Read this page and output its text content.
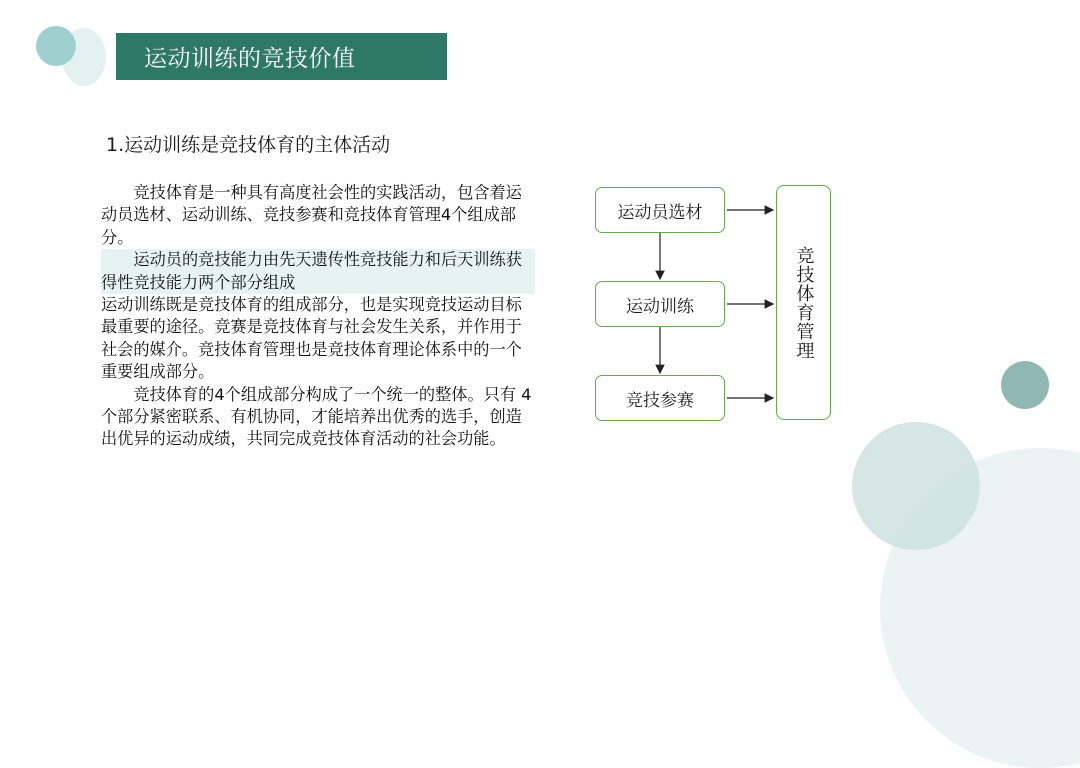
运动训练的竞技价值
1.运动训练是竞技体育的主体活动

竞技体育是一种具有高度社会性的实践活动，包含着运动员选材、运动训练、竞技参赛和竞技体育管理4个组成部分。

运动员的竞技能力由先天遗传性竞技能力和后天训练获得性竞技能力两个部分组成

运动训练既是竞技体育的组成部分，也是实现竞技运动目标最重要的途径。竞赛是竞技体育与社会发生关系，并作用于社会的媒介。竞技体育管理也是竞技体育理论体系中的一个重要组成部分。

竞技体育的4个组成部分构成了一个统一的整体。只有 4 个部分紧密联系、有机协同，才能培养出优秀的选手，创造出优异的运动成绩，共同完成竞技体育活动的社会功能。

运动员选材
运动训练
竞技参赛
竞技体育管理
